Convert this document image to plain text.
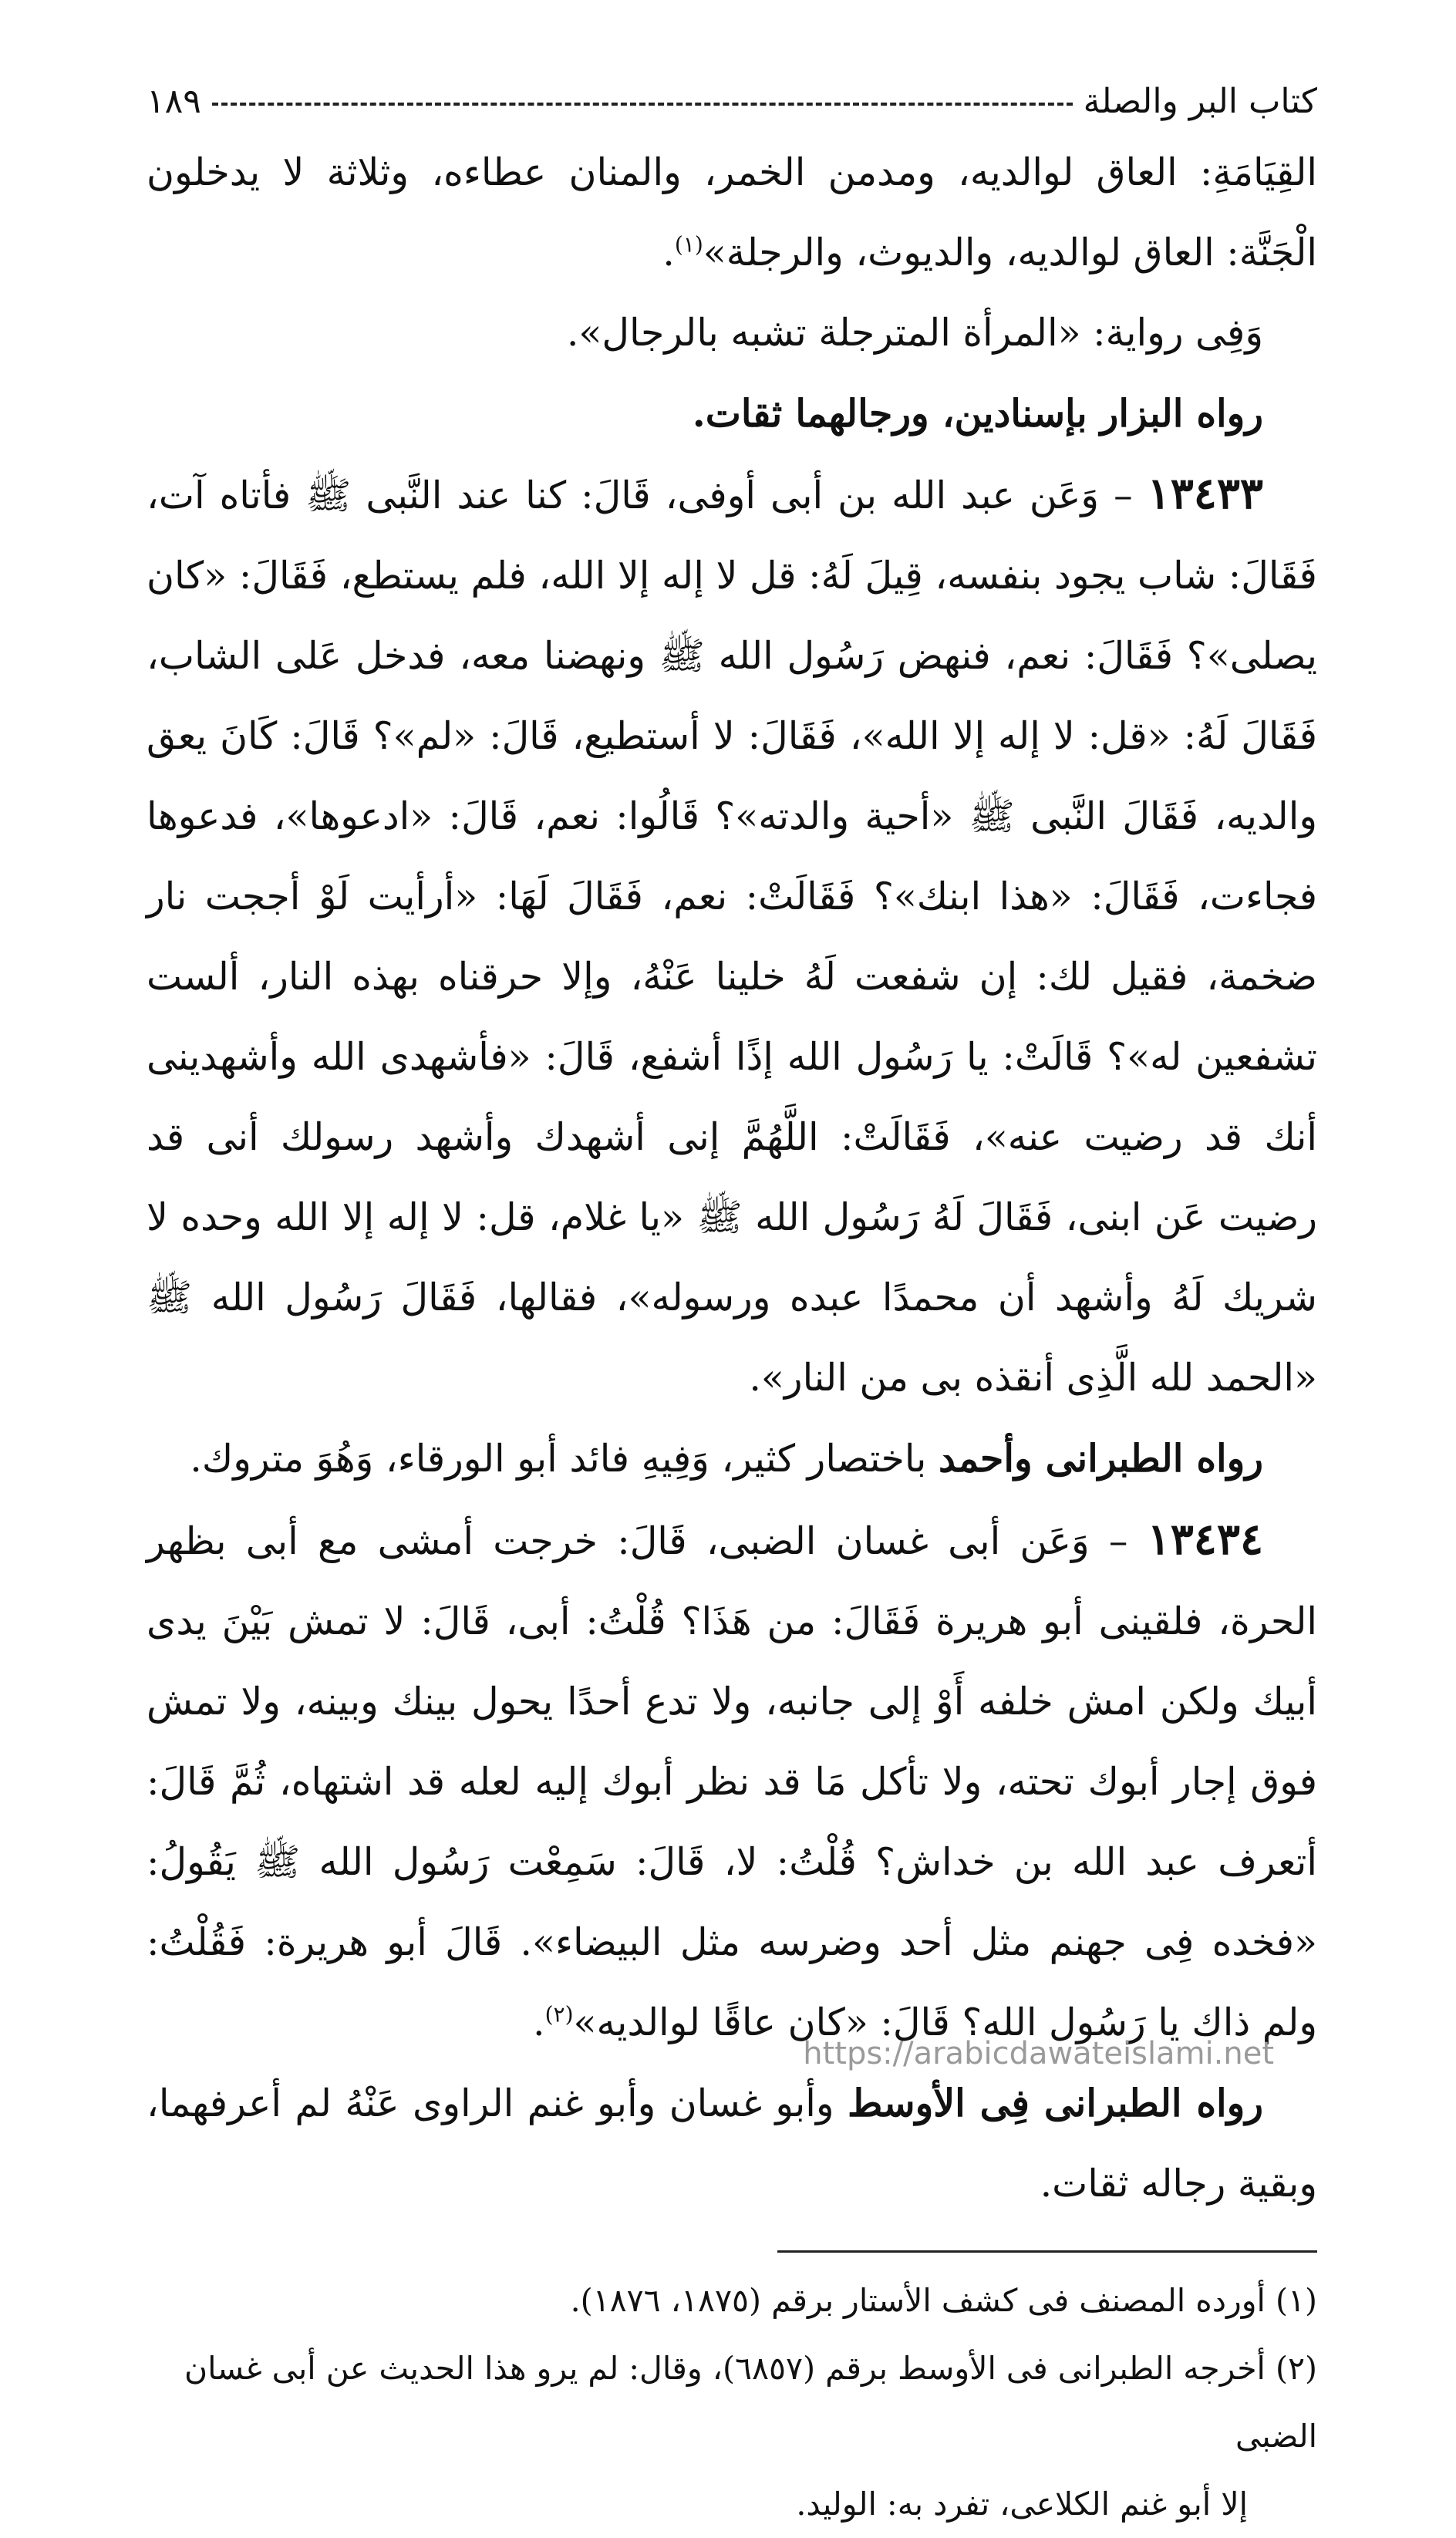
كتاب البر والصلة
١٨٩

القِيَامَةِ: العاق لوالديه، ومدمن الخمر، والمنان عطاءه، وثلاثة لا يدخلون الْجَنَّة: العاق لوالديه، والديوث، والرجلة»$^{(١)}$.

وَفِى رواية: «المرأة المترجلة تشبه بالرجال».

رواه البزار بإسنادين، ورجالهما ثقات.

١٣٤٣٣ – وَعَن عبد الله بن أبى أوفى، قَالَ: كنا عند النَّبى ﷺ فأتاه آت، فَقَالَ: شاب يجود بنفسه، قِيلَ لَهُ: قل لا إله إلا الله، فلم يستطع، فَقَالَ: «كان يصلى»؟ فَقَالَ: نعم، فنهض رَسُول الله ﷺ ونهضنا معه، فدخل عَلى الشاب، فَقَالَ لَهُ: «قل: لا إله إلا الله»، فَقَالَ: لا أستطيع، قَالَ: «لم»؟ قَالَ: كَانَ يعق والديه، فَقَالَ النَّبى ﷺ «أحية والدته»؟ قَالُوا: نعم، قَالَ: «ادعوها»، فدعوها فجاءت، فَقَالَ: «هذا ابنك»؟ فَقَالَتْ: نعم، فَقَالَ لَهَا: «أرأيت لَوْ أججت نار ضخمة، فقيل لك: إن شفعت لَهُ خلينا عَنْهُ، وإلا حرقناه بهذه النار، ألست تشفعين له»؟ قَالَتْ: يا رَسُول الله إذًا أشفع، قَالَ: «فأشهدى الله وأشهدينى أنك قد رضيت عنه»، فَقَالَتْ: اللَّهُمَّ إنى أشهدك وأشهد رسولك أنى قد رضيت عَن ابنى، فَقَالَ لَهُ رَسُول الله ﷺ «يا غلام، قل: لا إله إلا الله وحده لا شريك لَهُ وأشهد أن محمدًا عبده ورسوله»، فقالها، فَقَالَ رَسُول الله ﷺ «الحمد لله الَّذِى أنقذه بى من النار».

رواه الطبرانى وأحمد باختصار كثير، وَفِيهِ فائد أبو الورقاء، وَهُوَ متروك.

١٣٤٣٤ – وَعَن أبى غسان الضبى، قَالَ: خرجت أمشى مع أبى بظهر الحرة، فلقينى أبو هريرة فَقَالَ: من هَذَا؟ قُلْتُ: أبى، قَالَ: لا تمش بَيْنَ يدى أبيك ولكن امش خلفه أَوْ إلى جانبه، ولا تدع أحدًا يحول بينك وبينه، ولا تمش فوق إجار أبوك تحته، ولا تأكل مَا قد نظر أبوك إليه لعله قد اشتهاه، ثُمَّ قَالَ: أتعرف عبد الله بن خداش؟ قُلْتُ: لا، قَالَ: سَمِعْت رَسُول الله ﷺ يَقُولُ: «فخده فِى جهنم مثل أحد وضرسه مثل البيضاء». قَالَ أبو هريرة: فَقُلْتُ: ولم ذاك يا رَسُول الله؟ قَالَ: «كان عاقًا لوالديه»$^{(٢)}$.

رواه الطبرانى فِى الأوسط وأبو غسان وأبو غنم الراوى عَنْهُ لم أعرفهما، وبقية رجاله ثقات.

(١) أورده المصنف فى كشف الأستار برقم (١٨٧٥، ١٨٧٦).

(٢) أخرجه الطبرانى فى الأوسط برقم (٦٨٥٧)، وقال: لم يرو هذا الحديث عن أبى غسان الضبى

إلا أبو غنم الكلاعى، تفرد به: الوليد.

https://arabicdawateislami.net
